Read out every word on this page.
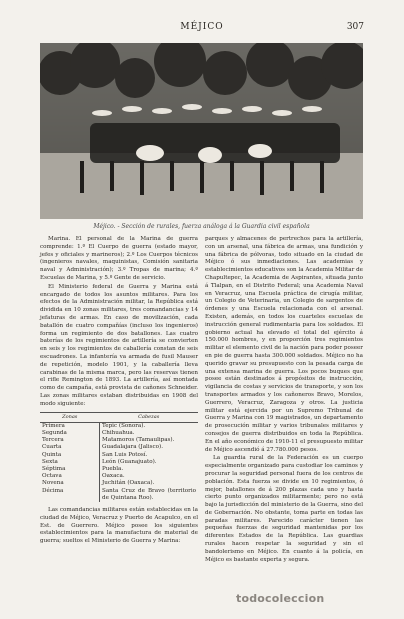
MÉJICO	307
Méjico. - Sección de rurales, fuerza análoga á la Guardia civil española

Marina. El personal de la Marina de guerra comprende: 1.º El Cuerpo de guerra (estado mayor, jefes y oficiales y marineros); 2.º Los Cuerpos técnicos (ingenieros navales, maquinistas, Comisión sanitaria naval y Administración); 3.º Tropas de marina; 4.º Escuelas de Marina, y 5.º Gente de servicio.

El Ministerio federal de Guerra y Marina está encargado de todos los asuntos militares. Para los efectos de la Administración militar, la República está dividida en 10 zonas militares, tres comandancias y 14 jefaturas de armas. En caso de movilización, cada batallón de cuatro compañías (incluso los ingenieros) forma un regimiento de dos batallones. Las cuatro baterías de los regimientos de artillería se convierten en seis y los regimientos de caballería constan de seis escuadrones. La infantería va armada de fusil Mauser de repetición, modelo 1901, y la caballería lleva carabinas de la misma marca, pero las reservas tienen el rifle Remington de 1893. La artillería, así montada como de campaña, está provista de cañones Schneider. Las zonas militares estaban distribuidas en 1908 del modo siguiente:

Zonas	Cabezas
Primera	Tepic (Sonora).
Segunda	Chihuahua.
Tercera	Matamoros (Tamaulipas).
Cuarta	Guadalajara (Jalisco).
Quinta	San Luis Potosí.
Sexta	León (Guanajuato).
Séptima	Puebla.
Octava	Oaxaca.
Novena	Juchitán (Oaxaca).
Décima	Santa Cruz de Bravo (territorio de Quintana Roo).

Las comandancias militares están establecidas en la ciudad de Méjico, Veracruz y Puerto de Acapulco, en el Est. de Guerrero. Méjico posee los siguientes establecimientos para la manufactura de material de guerra; sueltos el Ministerio de Guerra y Marina:

parques y almacenes de pertrechos para la artillería, con un arsenal, una fábrica de armas, una fundición y una fábrica de pólvoras, todo situado en la ciudad de Méjico ó sus inmediaciones. Las academias y establecimientos educativos son la Academia Militar de Chapultepec, la Academia de Aspirantes, situada junto á Tlalpan, en el Distrito Federal; una Academia Naval en Veracruz, una Escuela práctica de cirugía militar, un Colegio de Veterinaria, un Colegio de sargentos de órdenes y una Escuela relacionada con el arsenal. Existen, además, en todos los cuarteles escuelas de instrucción general rudimentaria para los soldados. El gobierno actual ha elevado el total del ejército á 150.000 hombres, y en proporción tres regimientos militar el elemento civil de la nación para poder poseer en pie de guerra hasta 300.000 soldados. Méjico no ha querido gravar su presupuesto con la pesada carga de una extensa marina de guerra. Los pocos buques que posee están destinados á propósitos de instrucción, vigilancia de costas y servicios de transporte, y son los transportes armados y los cañoneros Bravo, Morelos, Guerrero, Veracruz, Zaragoza y otros. La justicia militar está ejercida por un Supremo Tribunal de Guerra y Marina con 19 magistrados, un departamento de prosecución militar y varios tribunales militares y consejos de guerra distribuidos en toda la República. En el año económico de 1910-11 el presupuesto militar de Méjico ascendió á 27.780.000 pesos.

La guardia rural de la Federación es un cuerpo especialmente organizado para custodiar los caminos y procurar la seguridad personal fuera de los centros de población. Esta fuerza se divide en 10 regimientos, ó mejor, batallones de á 200 plazas cada uno y hasta cierto punto organizados militarmente; pero no está bajo la jurisdicción del ministerio de la Guerra, sino del de Gobernación. No obstante, toma parte en todas las paradas militares. Parecido carácter tienen las pequeñas fuerzas de seguridad mantenidas por los diferentes Estados de la República. Las guardias rurales hacen respetar la seguridad y sin el bandolerismo en Méjico. En cuanto á la policía, en Méjico es bastante experta y segura.

todocoleccion
